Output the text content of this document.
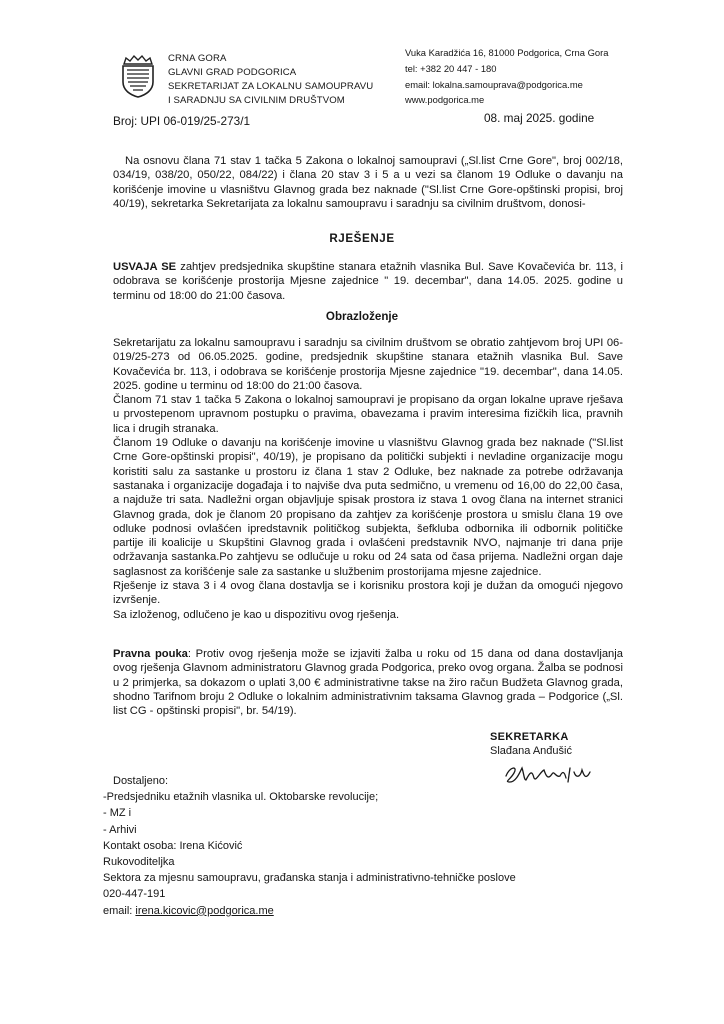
CRNA GORA
GLAVNI GRAD PODGORICA
SEKRETARIJAT ZA LOKALNU SAMOUPRAVU
I SARADNJU SA CIVILNIM DRUŠTVOM
Vuka Karadžića 16, 81000 Podgorica, Crna Gora
tel: +382 20 447 - 180
email: lokalna.samouprava@podgorica.me
www.podgorica.me
Broj: UPI 06-019/25-273/1	08. maj 2025. godine
Na osnovu člana 71 stav 1 tačka 5 Zakona o lokalnoj samoupravi („Sl.list Crne Gore", broj 002/18, 034/19, 038/20, 050/22, 084/22) i člana 20 stav 3 i 5 a u vezi sa članom 19 Odluke o davanju na korišćenje imovine u vlasništvu Glavnog grada bez naknade ("Sl.list Crne Gore-opštinski propisi, broj 40/19), sekretarka Sekretarijata za lokalnu samoupravu i saradnju sa civilnim društvom, donosi-
RJEŠENJE
USVAJA SE zahtjev predsjednika skupštine stanara etažnih vlasnika Bul. Save Kovačevića br. 113, i odobrava se korišćenje prostorija Mjesne zajednice " 19. decembar", dana 14.05. 2025. godine u terminu od 18:00 do 21:00 časova.
Obrazloženje

Sekretarijatu za lokalnu samoupravu i saradnju sa civilnim društvom se obratio zahtjevom broj UPI 06-019/25-273 od 06.05.2025. godine, predsjednik skupštine stanara etažnih vlasnika Bul. Save Kovačevića br. 113, i odobrava se korišćenje prostorija Mjesne zajednice "19. decembar", dana 14.05. 2025. godine u terminu od 18:00 do 21:00 časova.

Članom 71 stav 1 tačka 5 Zakona o lokalnoj samoupravi je propisano da organ lokalne uprave rješava u prvostepenom upravnom postupku o pravima, obavezama i pravim interesima fizičkih lica, pravnih lica i drugih stranaka.

Članom 19 Odluke o davanju na korišćenje imovine u vlasništvu Glavnog grada bez naknade ("Sl.list Crne Gore-opštinski propisi", 40/19), je propisano da politički subjekti i nevladine organizacije mogu koristiti salu za sastanke u prostoru iz člana 1 stav 2 Odluke, bez naknade za potrebe održavanja sastanaka i organizacije događaja i to najviše dva puta sedmično, u vremenu od 16,00 do 22,00 časa, a najduže tri sata. Nadležni organ objavljuje spisak prostora iz stava 1 ovog člana na internet stranici Glavnog grada, dok je članom 20 propisano da zahtjev za korišćenje prostora u smislu člana 19 ove odluke podnosi ovlašćen ipredstavnik političkog subjekta, šefkluba odbornika ili odbornik političke partije ili koalicije u Skupštini Glavnog grada i ovlašćeni predstavnik NVO, najmanje tri dana prije održavanja sastanka.Po zahtjevu se odlučuje u roku od 24 sata od časa prijema. Nadležni organ daje saglasnost za korišćenje sale za sastanke u službenim prostorijama mjesne zajednice.

Rješenje iz stava 3 i 4 ovog člana dostavlja se i korisniku prostora koji je dužan da omogući njegovo izvršenje.

Sa izloženog, odlučeno je kao u dispozitivu ovog rješenja.

Pravna pouka: Protiv ovog rješenja može se izjaviti žalba u roku od 15 dana od dana dostavljanja ovog rješenja Glavnom administratoru Glavnog grada Podgorica, preko ovog organa. Žalba se podnosi u 2 primjerka, sa dokazom o uplati 3,00 € administrativne takse na žiro račun Budžeta Glavnog grada, shodno Tarifnom broju 2 Odluke o lokalnim administrativnim taksama Glavnog grada – Podgorice („Sl. list CG - opštinski propisi", br. 54/19).
SEKRETARKA
Slađana Anđušić
Dostaljeno:
-Predsjedniku etažnih vlasnika ul. Oktobarske revolucije;
- MZ i
- Arhivi
Kontakt osoba: Irena Kićović
Rukovoditeljka
Sektora za mjesnu samoupravu, građanska stanja i administrativno-tehničke poslove
020-447-191
email: irena.kicovic@podgorica.me
